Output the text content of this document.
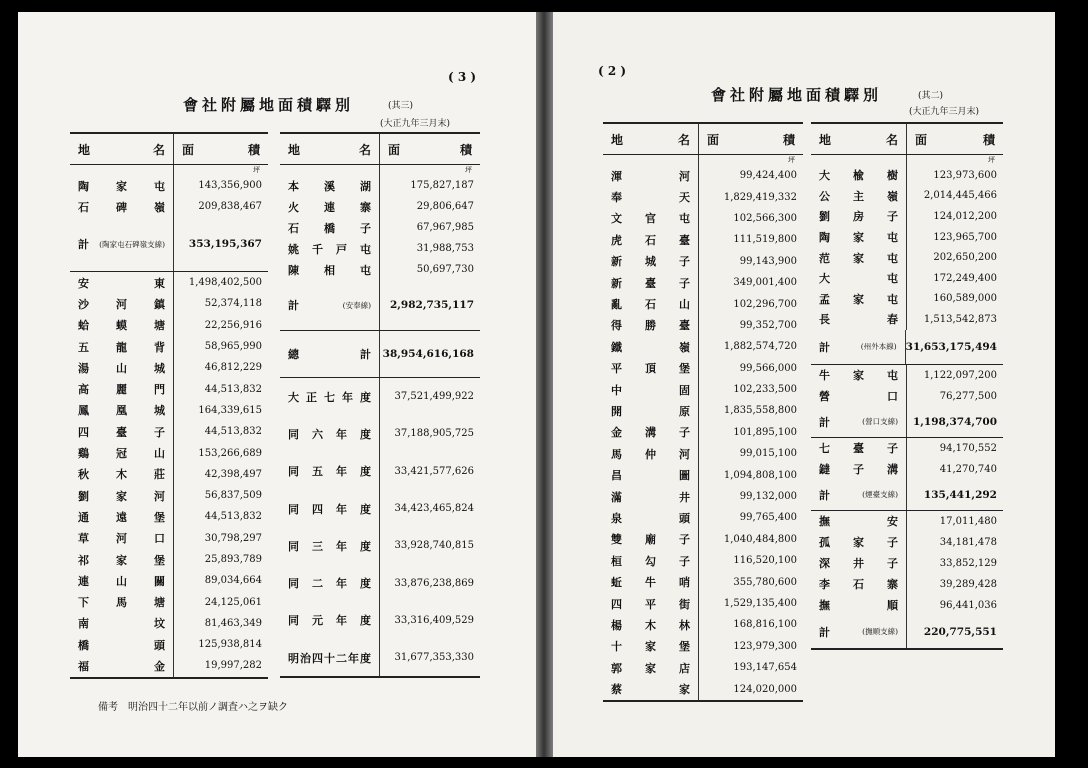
( 3 )
會社附屬地面積驛別	(其三)
(大正九年三月末)
地	名 面	積
坪
陶 家 屯	143,356,900
石 碑 嶺	209,838,467
計 (陶家屯石碑嶺支線)	353,195,367
安	東	1,498,402,500
沙 河 鎮	52,374,118
蛤 蟆 塘	22,256,916
五 龍 背	58,965,990
湯 山 城	46,812,229
高 麗 門	44,513,832
鳳 凰 城	164,339,615
四 臺 子	44,513,832
鷄 冠 山	153,266,689
秋 木 莊	42,398,497
劉 家 河	56,837,509
通 遠 堡	44,513,832
草 河 口	30,798,297
祁 家 堡	25,893,789
連 山 關	89,034,664
下 馬 塘	24,125,061
南	坟	81,463,349
橋	頭	125,938,814
福	金	19,997,282
地	名 面	積
坪
本 溪 湖	175,827,187
火 連 寨	29,806,647
石 橋 子	67,967,985
姚 千 戸 屯	31,988,753
陳 相 屯	50,697,730
計	(安奉線)	2,982,735,117
總	計 38,954,616,168
大 正 七 年 度	37,521,499,922
同 六 年 度	37,188,905,725
同 五 年 度	33,421,577,626
同 四 年 度	34,423,465,824
同 三 年 度	33,928,740,815
同 二 年 度	33,876,238,869
同 元 年 度	33,316,409,529
明 治 四 十 二 年 度	31,677,353,330
備考　明治四十二年以前ノ調査ハ之ヲ缺ク
( 2 )
會社附屬地面積驛別	(其二)
(大正九年三月末)
地	名 面	積
坪
渾	河	99,424,400
奉	天	1,829,419,332
文 官 屯	102,566,300
虎 石 臺	111,519,800
新 城 子	99,143,900
新 臺 子	349,001,400
亂 石 山	102,296,700
得 勝 臺	99,352,700
鐵	嶺	1,882,574,720
平 頂 堡	99,566,000
中	固	102,233,500
開	原	1,835,558,800
金 溝 子	101,895,100
馬 仲 河	99,015,100
昌	圖	1,094,808,100
滿	井	99,132,000
泉	頭	99,765,400
雙 廟 子	1,040,484,800
桓 勾 子	116,520,100
蚯 牛 哨	355,780,600
四 平 街	1,529,135,400
楊 木 林	168,816,100
十 家 堡	123,979,300
郭 家 店	193,147,654
蔡	家	124,020,000
地	名 面	積
坪
大 楡 樹	123,973,600
公 主 嶺	2,014,445,466
劉 房 子	124,012,200
陶 家 屯	123,965,700
范 家 屯	202,650,200
大	屯	172,249,400
孟 家 屯	160,589,000
長	春	1,513,542,873
計	(州外本線) 31,653,175,494
牛 家 屯	1,122,097,200
營	口	76,277,500
計	(營口支線)	1,198,374,700
七 臺 子	94,170,552
鐽 子 溝	41,270,740
計	(煙臺支線)	135,441,292
撫	安	17,011,480
孤 家 子	34,181,478
深 井 子	33,852,129
李 石 寨	39,289,428
撫	順	96,441,036
計	(撫順支線)	220,775,551
